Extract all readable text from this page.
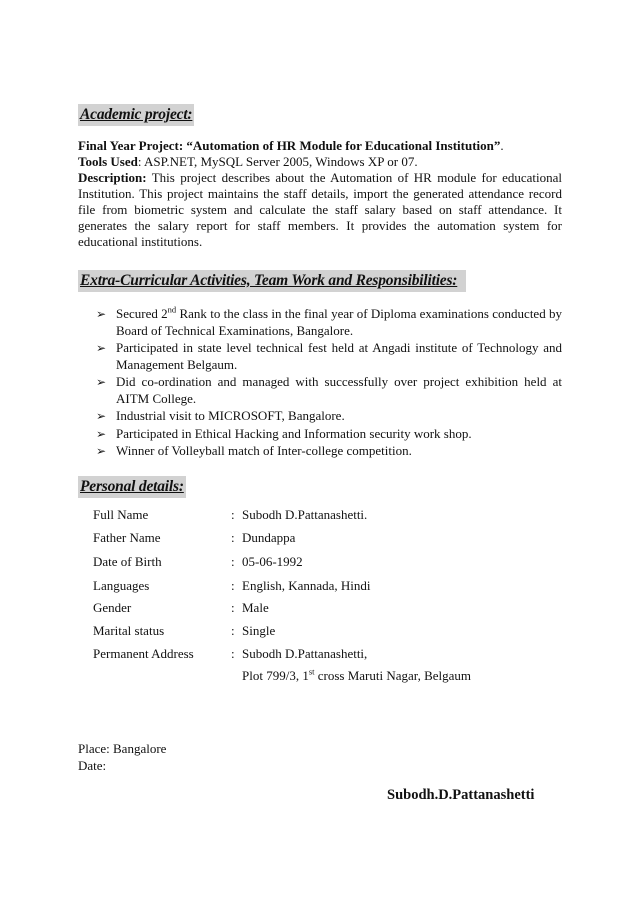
Academic project:

Final Year Project: “Automation of HR Module for Educational Institution”.

Tools Used: ASP.NET, MySQL Server 2005, Windows XP or 07.

Description: This project describes about the Automation of HR module for educational Institution. This project maintains the staff details, import the generated attendance record file from biometric system and calculate the staff salary based on staff attendance. It generates the salary report for staff members. It provides the automation system for educational institutions.

Extra-Curricular Activities, Team Work and Responsibilities:
➢ Secured 2nd Rank to the class in the final year of Diploma examinations conducted by Board of Technical Examinations, Bangalore.
➢ Participated in state level technical fest held at Angadi institute of Technology and Management Belgaum.
➢ Did co-ordination and managed with successfully over project exhibition held at AITM College.
➢ Industrial visit to MICROSOFT, Bangalore.
➢ Participated in Ethical Hacking and Information security work shop.
➢ Winner of Volleyball match of Inter-college competition.
Personal details:
Full Name	: Subodh D.Pattanashetti.
Father Name	: Dundappa
Date of Birth	: 05-06-1992
Languages	: English, Kannada, Hindi
Gender	: Male
Marital status	: Single
Permanent Address	: Subodh D.Pattanashetti,
Plot 799/3, 1st cross Maruti Nagar, Belgaum
Place: Bangalore
Date:
Subodh.D.Pattanashetti
